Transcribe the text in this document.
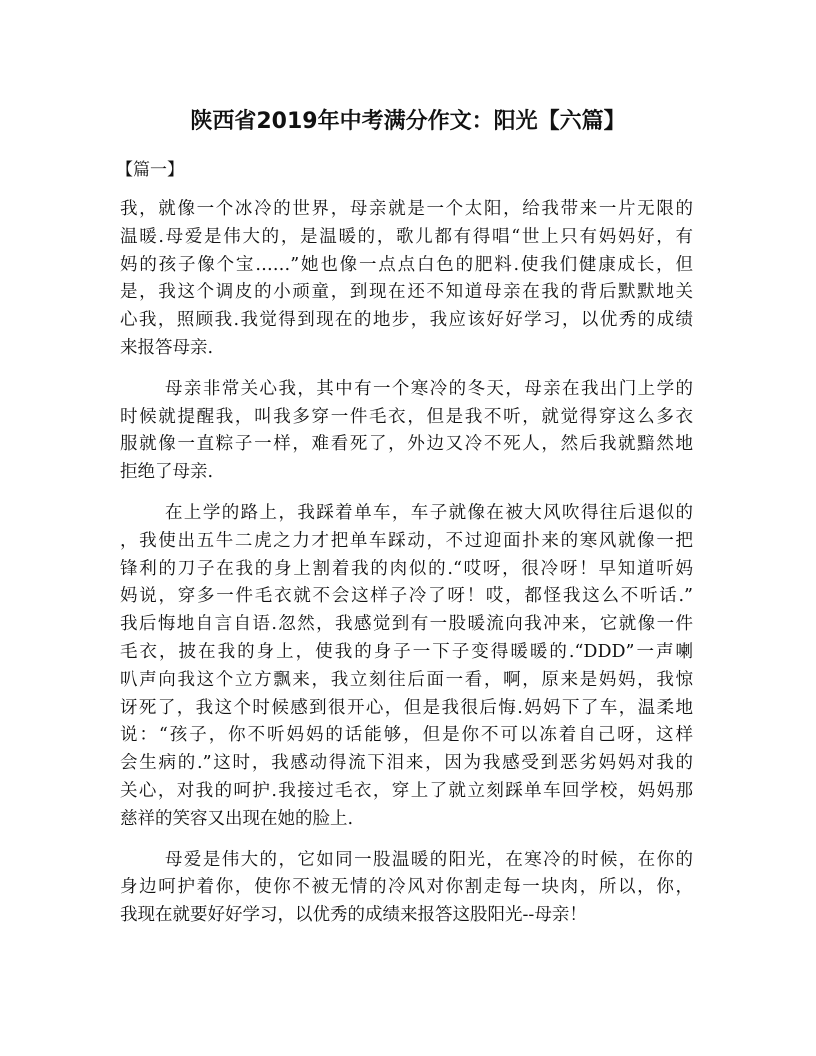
陕西省2019年中考满分作文：阳光【六篇】
【篇一】
我，就像一个冰冷的世界，母亲就是一个太阳，给我带来一片无限的
温暖.母爱是伟大的，是温暖的，歌儿都有得唱“世上只有妈妈好，有
妈的孩子像个宝……”她也像一点点白色的肥料.使我们健康成长，但
是，我这个调皮的小顽童，到现在还不知道母亲在我的背后默默地关
心我，照顾我.我觉得到现在的地步，我应该好好学习，以优秀的成绩
来报答母亲.
母亲非常关心我，其中有一个寒冷的冬天，母亲在我出门上学的
时候就提醒我，叫我多穿一件毛衣，但是我不听，就觉得穿这么多衣
服就像一直粽子一样，难看死了，外边又冷不死人，然后我就黯然地
拒绝了母亲.
在上学的路上，我踩着单车，车子就像在被大风吹得往后退似的
，我使出五牛二虎之力才把单车踩动，不过迎面扑来的寒风就像一把
锋利的刀子在我的身上割着我的肉似的.“哎呀，很冷呀！早知道听妈
妈说，穿多一件毛衣就不会这样子冷了呀！哎，都怪我这么不听话.”
我后悔地自言自语.忽然，我感觉到有一股暖流向我冲来，它就像一件
毛衣，披在我的身上，使我的身子一下子变得暖暖的.“DDD”一声喇
叭声向我这个立方飘来，我立刻往后面一看，啊，原来是妈妈，我惊
讶死了，我这个时候感到很开心，但是我很后悔.妈妈下了车，温柔地
说：“孩子，你不听妈妈的话能够，但是你不可以冻着自己呀，这样
会生病的.”这时，我感动得流下泪来，因为我感受到恶劣妈妈对我的
关心，对我的呵护.我接过毛衣，穿上了就立刻踩单车回学校，妈妈那
慈祥的笑容又出现在她的脸上.
母爱是伟大的，它如同一股温暖的阳光，在寒冷的时候，在你的
身边呵护着你，使你不被无情的冷风对你割走每一块肉，所以，你，
我现在就要好好学习，以优秀的成绩来报答这股阳光--母亲！
